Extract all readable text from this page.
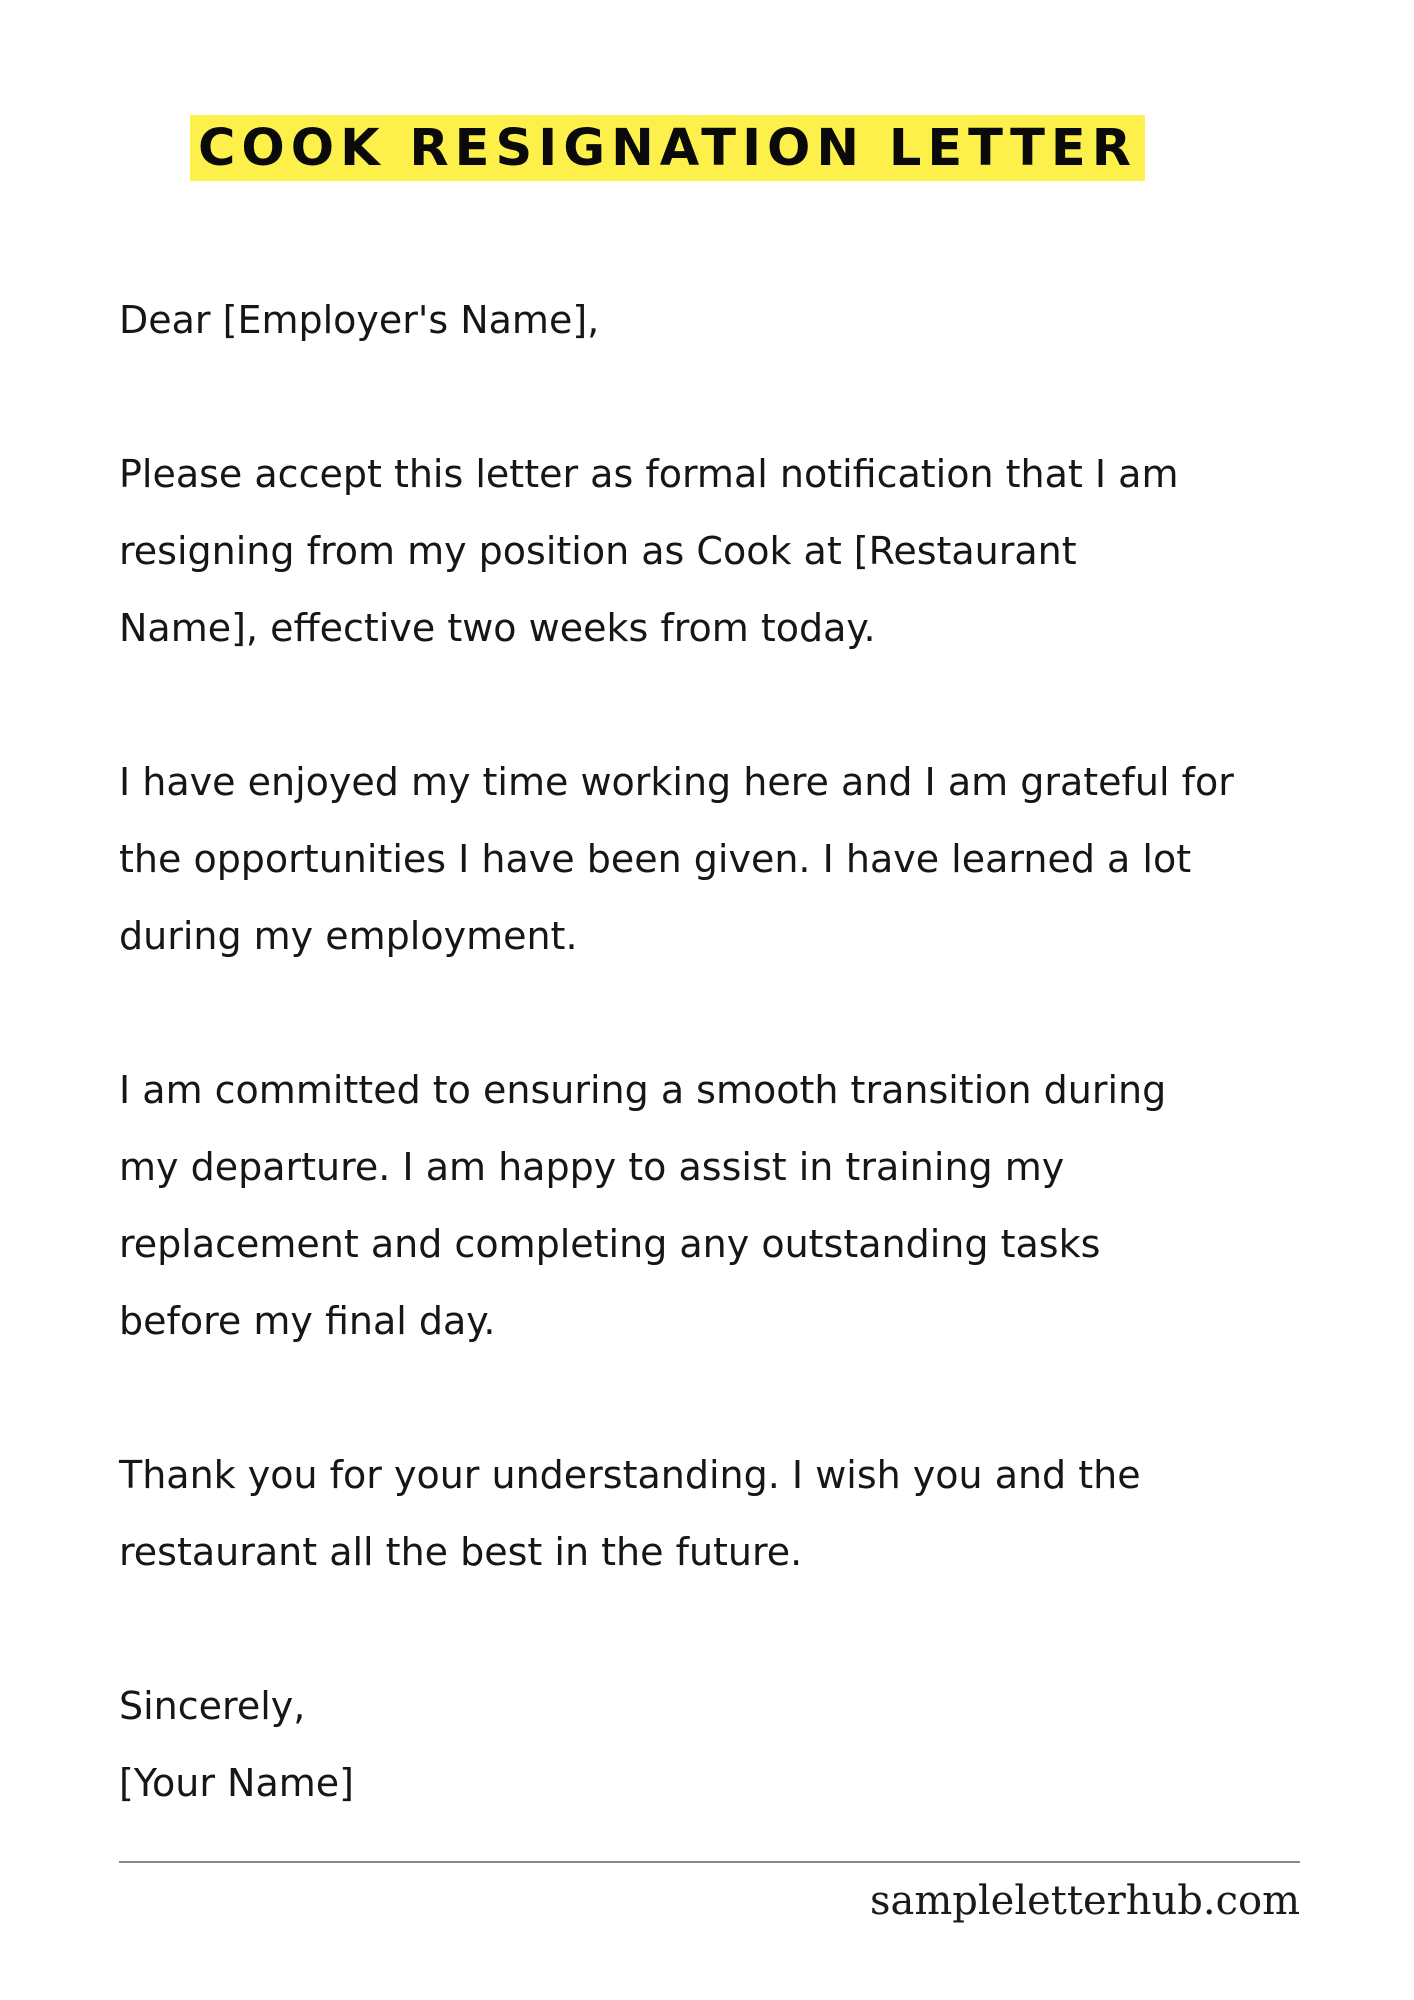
COOK RESIGNATION LETTER

Dear [Employer's Name],

Please accept this letter as formal notification that I am
resigning from my position as Cook at [Restaurant
Name], effective two weeks from today.

I have enjoyed my time working here and I am grateful for
the opportunities I have been given. I have learned a lot
during my employment.

I am committed to ensuring a smooth transition during
my departure. I am happy to assist in training my
replacement and completing any outstanding tasks
before my final day.

Thank you for your understanding. I wish you and the
restaurant all the best in the future.

Sincerely,

[Your Name]

sampleletterhub.com
